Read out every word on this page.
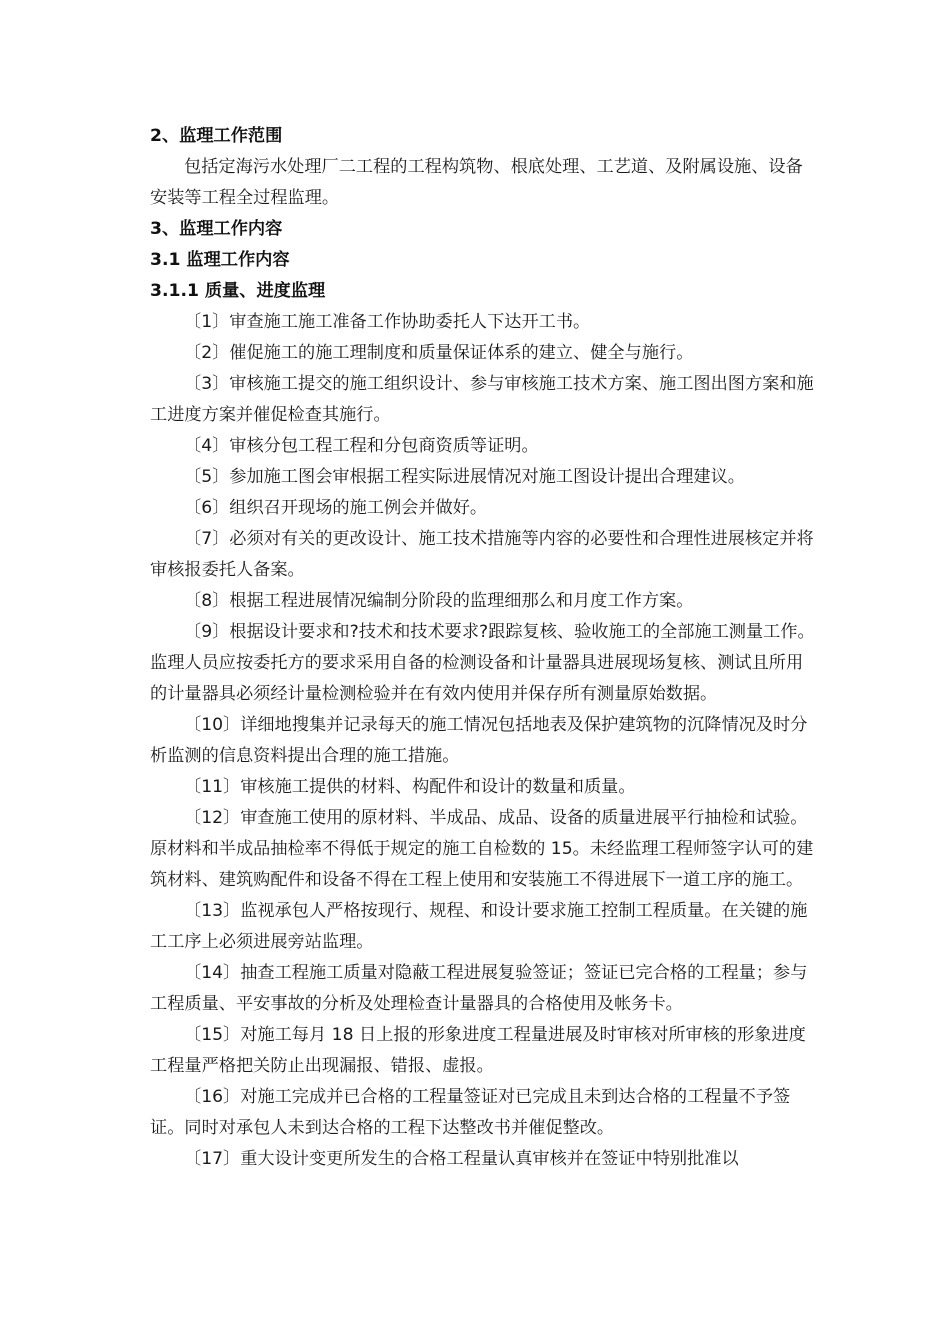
2、监理工作范围

包括定海污水处理厂二工程的工程构筑物、根底处理、工艺道、及附属设施、设备安装等工程全过程监理。

3、监理工作内容

3.1 监理工作内容

3.1.1 质量、进度监理

〔1〕审查施工施工准备工作协助委托人下达开工书。

〔2〕催促施工的施工理制度和质量保证体系的建立、健全与施行。

〔3〕审核施工提交的施工组织设计、参与审核施工技术方案、施工图出图方案和施工进度方案并催促检查其施行。

〔4〕审核分包工程工程和分包商资质等证明。

〔5〕参加施工图会审根据工程实际进展情况对施工图设计提出合理建议。

〔6〕组织召开现场的施工例会并做好。

〔7〕必须对有关的更改设计、施工技术措施等内容的必要性和合理性进展核定并将审核报委托人备案。

〔8〕根据工程进展情况编制分阶段的监理细那么和月度工作方案。

〔9〕根据设计要求和?技术和技术要求?跟踪复核、验收施工的全部施工测量工作。监理人员应按委托方的要求采用自备的检测设备和计量器具进展现场复核、测试且所用的计量器具必须经计量检测检验并在有效内使用并保存所有测量原始数据。

〔10〕详细地搜集并记录每天的施工情况包括地表及保护建筑物的沉降情况及时分析监测的信息资料提出合理的施工措施。

〔11〕审核施工提供的材料、构配件和设计的数量和质量。

〔12〕审查施工使用的原材料、半成品、成品、设备的质量进展平行抽检和试验。原材料和半成品抽检率不得低于规定的施工自检数的 15。未经监理工程师签字认可的建筑材料、建筑购配件和设备不得在工程上使用和安装施工不得进展下一道工序的施工。

〔13〕监视承包人严格按现行、规程、和设计要求施工控制工程质量。在关键的施工工序上必须进展旁站监理。

〔14〕抽查工程施工质量对隐蔽工程进展复验签证；签证已完合格的工程量；参与工程质量、平安事故的分析及处理检查计量器具的合格使用及帐务卡。

〔15〕对施工每月 18 日上报的形象进度工程量进展及时审核对所审核的形象进度工程量严格把关防止出现漏报、错报、虚报。

〔16〕对施工完成并已合格的工程量签证对已完成且未到达合格的工程量不予签证。同时对承包人未到达合格的工程下达整改书并催促整改。

〔17〕重大设计变更所发生的合格工程量认真审核并在签证中特别批准以
